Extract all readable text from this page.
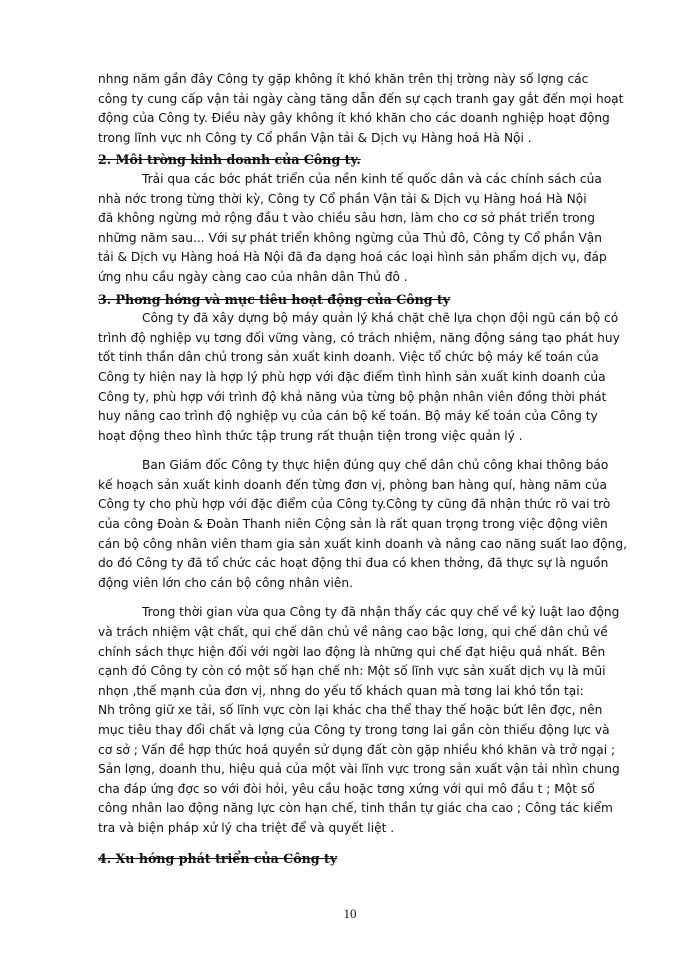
nhng năm gần đây Công ty gặp không ít khó khăn trên thị trờng này số lợng các
công ty cung cấp vận tải ngày càng tăng dẫn đến sự cạch tranh gay gắt đến mọi hoạt
động của Công ty. Điều này gây không ít khó khăn cho các doanh nghiệp hoạt động
trong lĩnh vực nh Công ty Cổ phần Vận tải & Dịch vụ Hàng hoá Hà Nội .
2. Môi trờng kinh doanh của Công ty.
Trải qua các bớc phát triển của nền kinh tế quốc dân và các chính sách của
nhà nớc trong từng thời kỳ, Công ty Cổ phần Vận tải & Dịch vụ Hàng hoá Hà Nội
đã không ngừng mở rộng đầu t vào chiều sâu hơn, làm cho cơ sở phát triển trong
những năm sau... Với sự phát triển không ngừng của Thủ đô, Công ty Cổ phần Vận
tải & Dịch vụ Hàng hoá Hà Nội đã đa dạng hoá các loại hình sản phẩm dịch vụ, đáp
ứng nhu cầu ngày càng cao của nhân dân Thủ đô .
3. Phơng hớng và mục tiêu hoạt động của Công ty
Công ty đã xây dựng bộ máy quản lý khá chặt chẽ lựa chọn đội ngũ cán bộ có
trình độ nghiệp vụ tơng đối vững vàng, có trách nhiệm, năng động sáng tạo phát huy
tốt tinh thần dân chủ trong sản xuất kinh doanh. Việc tổ chức bộ máy kế toán của
Công ty hiện nay là hợp lý phù hợp với đặc điểm tình hình sản xuất kinh doanh của
Công ty, phù hợp với trình độ khả năng vủa từng bộ phận nhân viên đồng thời phát
huy nâng cao trình độ nghiệp vụ của cán bộ kế toán. Bộ máy kế toán của Công ty
hoạt động theo hình thức tập trung rất thuận tiện trong việc quản lý .
Ban Giám đốc Công ty thực hiện đúng quy chế dân chủ công khai thông báo
kế hoạch sản xuất kinh doanh đến từng đơn vị, phòng ban hàng quí, hàng năm của
Công ty cho phù hợp với đặc điểm của Công ty.Công ty cũng đã nhận thức rõ vai trò
của công Đoàn & Đoàn Thanh niên Cộng sản là rất quan trọng trong việc động viên
cán bộ công nhân viên tham gia sản xuất kinh doanh và nâng cao năng suất lao động,
do đó Công ty đã tổ chức các hoạt động thi đua có khen thởng, đã thực sự là nguồn
động viên lớn cho cán bộ công nhân viên.
Trong thời gian vừa qua Công ty đã nhận thấy các quy chế về kỷ luật lao động
và trách nhiệm vật chất, qui chế dân chủ về nâng cao bậc lơng, qui chế dân chủ về
chính sách thực hiện đối với ngời lao động là những qui chế đạt hiệu quả nhất. Bên
cạnh đó Công ty còn có một số hạn chế nh: Một số lĩnh vực sản xuất dịch vụ là mũi
nhọn ,thế mạnh của đơn vị, nhng do yếu tố khách quan mà tơng lai khó tồn tại:
Nh trông giữ xe tải, số lĩnh vực còn lại khác cha thể thay thế hoặc bứt lên đợc, nên
mục tiêu thay đổi chất và lợng của Công ty trong tơng lai gần còn thiếu động lực và
cơ sở ; Vấn đề hợp thức hoá quyền sử dụng đất còn gặp nhiều khó khăn và trở ngại ;
Sản lợng, doanh thu, hiệu quả của một vài lĩnh vực trong sản xuất vận tải nhìn chung
cha đáp ứng đợc so với đòi hỏi, yêu cầu hoặc tơng xứng với qui mô đầu t ; Một số
công nhân lao động năng lực còn hạn chế, tinh thần tự giác cha cao ; Công tác kiểm
tra và biện pháp xử lý cha triệt để và quyết liệt .
4. Xu hớng phát triển của Công ty
10
